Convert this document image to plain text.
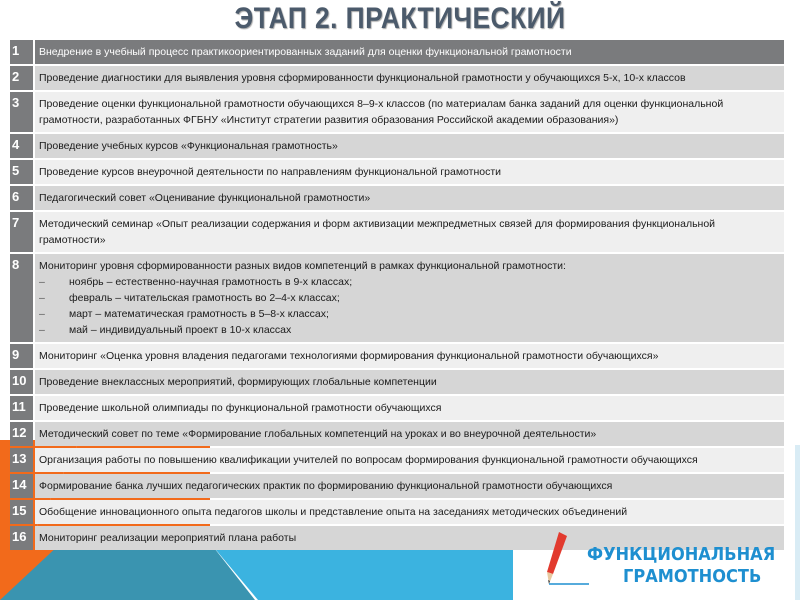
ЭТАП 2. ПРАКТИЧЕСКИЙ
1	Внедрение в учебный процесс практикоориентированных заданий для оценки функциональной грамотности
2	Проведение диагностики для выявления уровня сформированности функциональной грамотности у обучающихся 5-х, 10-х классов
3	Проведение оценки функциональной грамотности обучающихся 8–9-х классов (по материалам банка заданий для оценки функциональной грамотности, разработанных ФГБНУ «Институт стратегии развития образования Российской академии образования»)
4	Проведение учебных курсов «Функциональная грамотность»
5	Проведение курсов внеурочной деятельности по направлениям функциональной грамотности
6	Педагогический совет «Оценивание функциональной грамотности»
7	Методический семинар «Опыт реализации содержания и форм активизации межпредметных связей для формирования функциональной грамотности»
8	Мониторинг уровня сформированности разных видов компетенций в рамках функциональной грамотности:
–	ноябрь – естественно-научная грамотность в 9-х классах;
–	февраль – читательская грамотность во 2–4-х классах;
–	март – математическая грамотность в 5–8-х классах;
–	май – индивидуальный проект в 10-х классах
9	Мониторинг «Оценка уровня владения педагогами технологиями формирования функциональной грамотности обучающихся»
10	Проведение внеклассных мероприятий, формирующих глобальные компетенции
11	Проведение школьной олимпиады по функциональной грамотности обучающихся
12	Методический совет по теме «Формирование глобальных компетенций на уроках и во внеурочной деятельности»
13	Организация работы по повышению квалификации учителей по вопросам формирования функциональной грамотности обучающихся
14	Формирование банка лучших педагогических практик по формированию функциональной грамотности обучающихся
15	Обобщение инновационного опыта педагогов школы и представление опыта на заседаниях методических объединений
16	Мониторинг реализации мероприятий плана работы
ФУНКЦИОНАЛЬНАЯ
ГРАМОТНОСТЬ
